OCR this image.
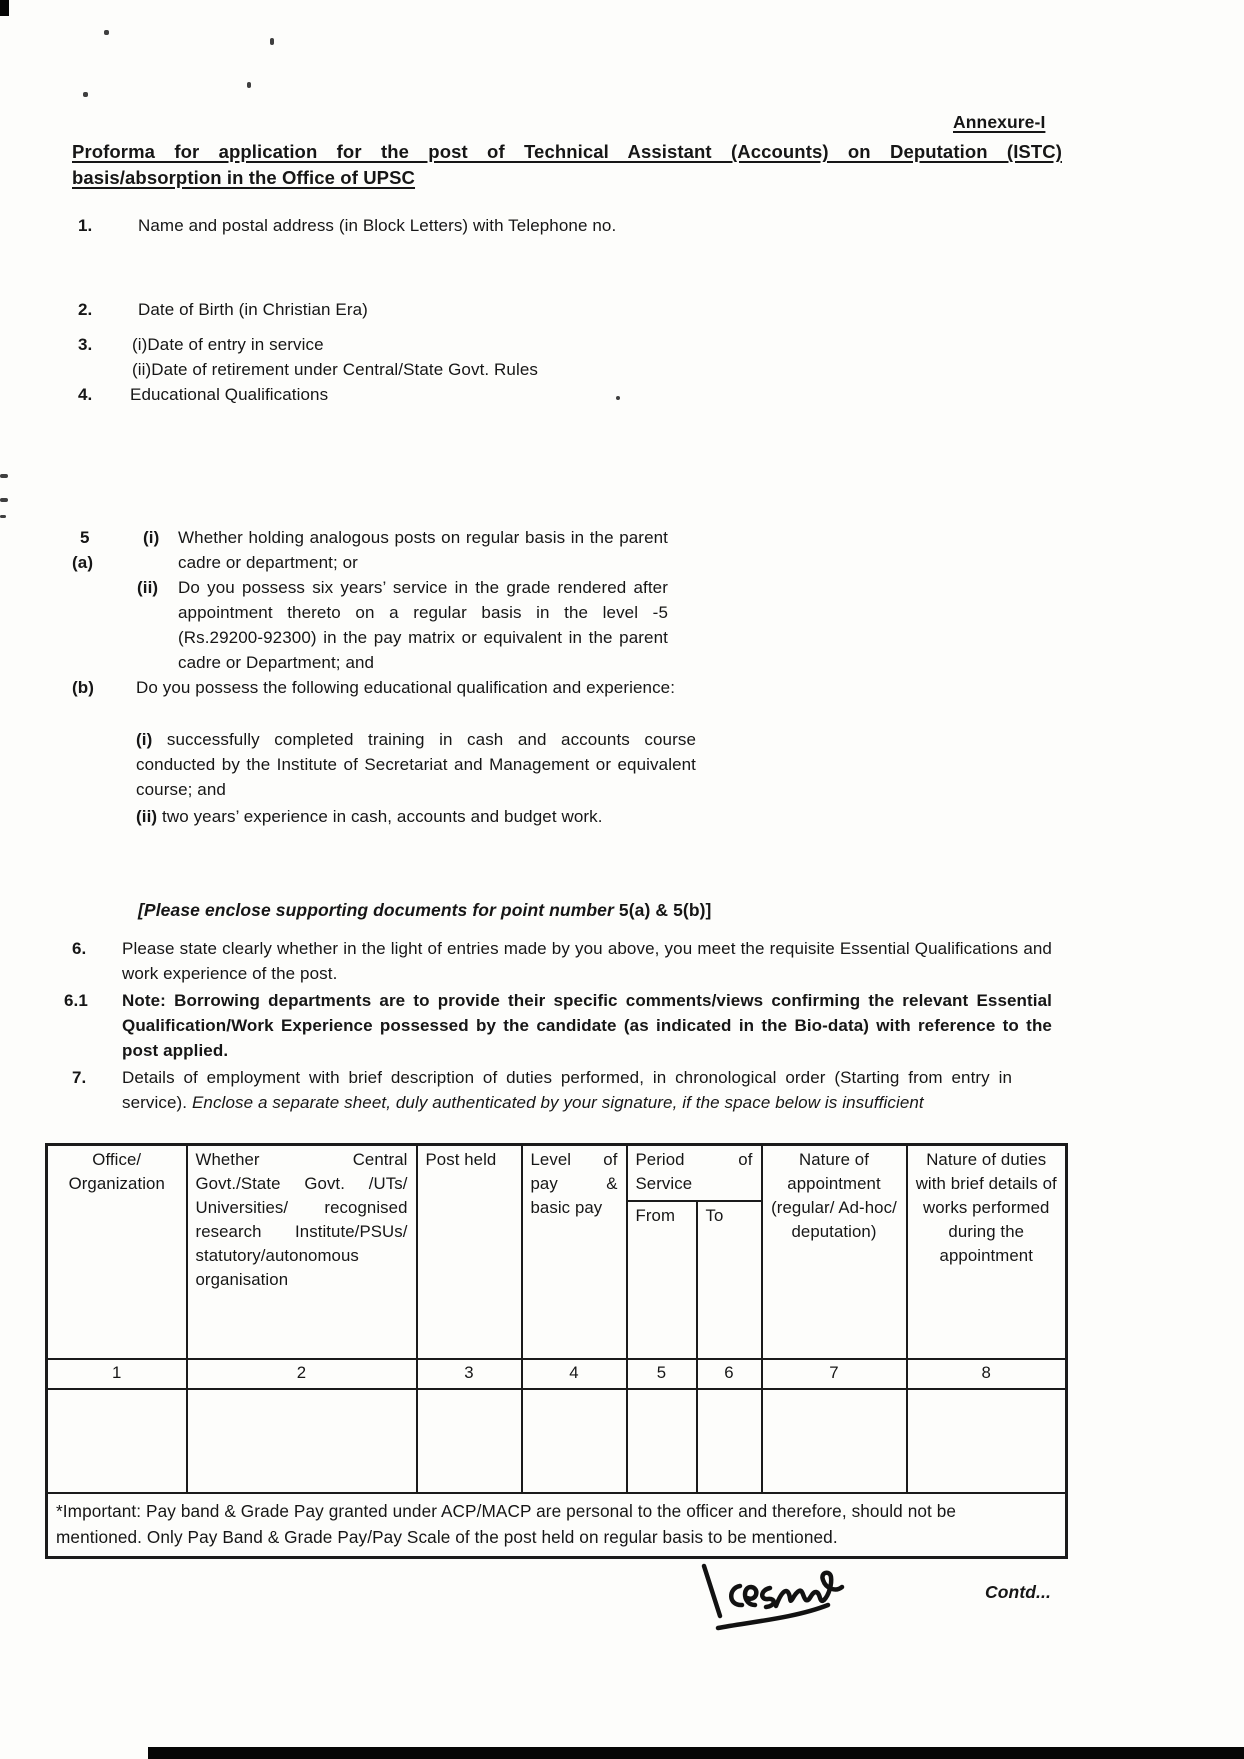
Annexure-I
Proforma for application for the post of Technical Assistant (Accounts) on Deputation (ISTC)
basis/absorption in the Office of UPSC
1.	Name and postal address (in Block Letters) with Telephone no.
2.	Date of Birth (in Christian Era)
3. (i)Date of entry in service
(ii)Date of retirement under Central/State Govt. Rules
4. Educational Qualifications
5
(a)
(i) Whether holding analogous posts on regular basis in the parent cadre or department; or
(ii) Do you possess six years’ service in the grade rendered after appointment thereto on a regular basis in the level -5 (Rs.29200-92300) in the pay matrix or equivalent in the parent cadre or Department; and
(b) Do you possess the following educational qualification and experience:
(i) successfully completed training in cash and accounts course conducted by the Institute of Secretariat and Management or equivalent course; and
(ii) two years’ experience in cash, accounts and budget work.
[Please enclose supporting documents for point number 5(a) & 5(b)]
6. Please state clearly whether in the light of entries made by you above, you meet the requisite Essential Qualifications and work experience of the post.
6.1 Note: Borrowing departments are to provide their specific comments/views confirming the relevant Essential Qualification/Work Experience possessed by the candidate (as indicated in the Bio-data) with reference to the post applied.
7. Details of employment with brief description of duties performed, in chronological order (Starting from entry in service). Enclose a separate sheet, duly authenticated by your signature, if the space below is insufficient
Office/ Organization	Whether Central Govt./State Govt. /UTs/ Universities/ recognised research Institute/PSUs/ statutory/autonomous organisation	Post held	Level of pay & basic pay	Period of Service		Nature of appointment (regular/ Ad-hoc/ deputation)	Nature of duties with brief details of works performed during the appointment
				From	To		
1	2	3	4	5	6	7	8

*Important: Pay band & Grade Pay granted under ACP/MACP are personal to the officer and therefore, should not be mentioned. Only Pay Band & Grade Pay/Pay Scale of the post held on regular basis to be mentioned.							
Contd...
